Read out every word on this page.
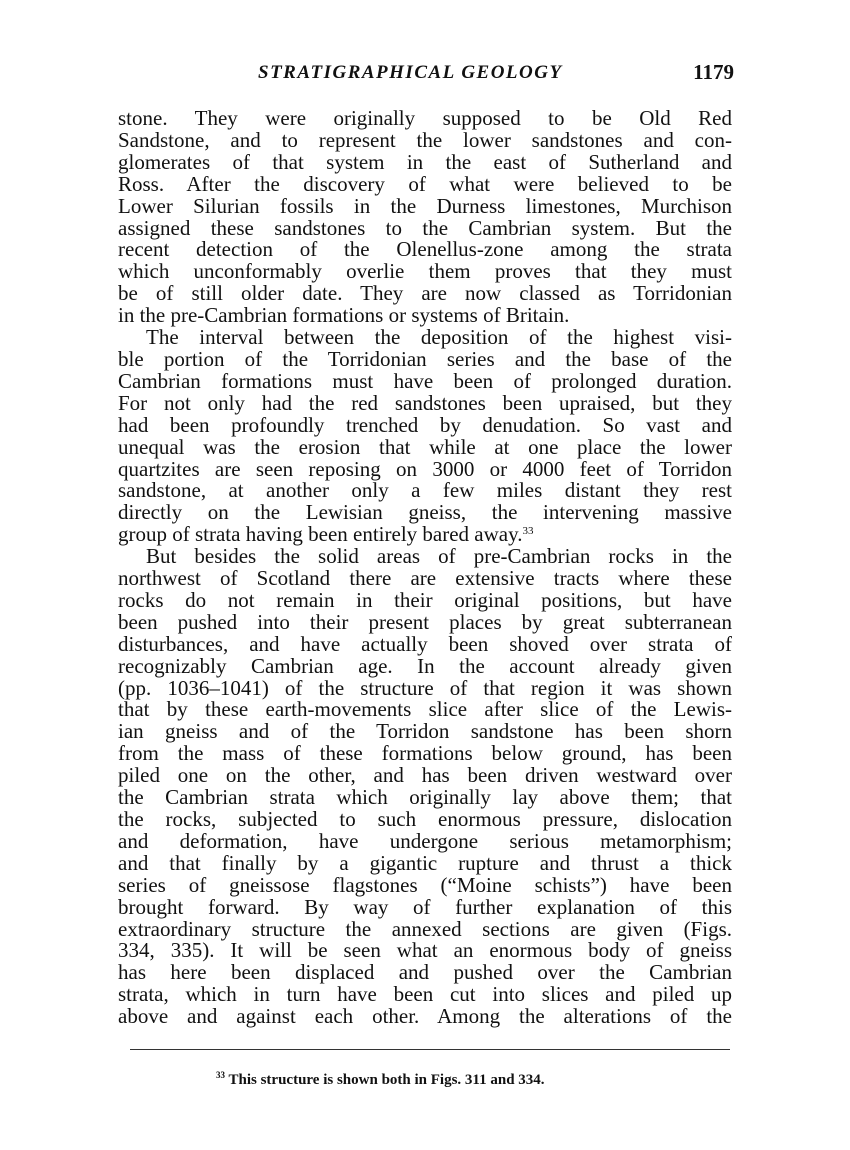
STRATIGRAPHICAL GEOLOGY	1179
stone. They were originally supposed to be Old Red
Sandstone, and to represent the lower sandstones and con-
glomerates of that system in the east of Sutherland and
Ross. After the discovery of what were believed to be
Lower Silurian fossils in the Durness limestones, Murchison
assigned these sandstones to the Cambrian system. But the
recent detection of the Olenellus-zone among the strata
which unconformably overlie them proves that they must
be of still older date. They are now classed as Torridonian
in the pre-Cambrian formations or systems of Britain.
The interval between the deposition of the highest visi-
ble portion of the Torridonian series and the base of the
Cambrian formations must have been of prolonged duration.
For not only had the red sandstones been upraised, but they
had been profoundly trenched by denudation. So vast and
unequal was the erosion that while at one place the lower
quartzites are seen reposing on 3000 or 4000 feet of Torridon
sandstone, at another only a few miles distant they rest
directly on the Lewisian gneiss, the intervening massive
group of strata having been entirely bared away.$^{33}$
But besides the solid areas of pre-Cambrian rocks in the
northwest of Scotland there are extensive tracts where these
rocks do not remain in their original positions, but have
been pushed into their present places by great subterranean
disturbances, and have actually been shoved over strata of
recognizably Cambrian age. In the account already given
(pp. 1036–1041) of the structure of that region it was shown
that by these earth-movements slice after slice of the Lewis-
ian gneiss and of the Torridon sandstone has been shorn
from the mass of these formations below ground, has been
piled one on the other, and has been driven westward over
the Cambrian strata which originally lay above them; that
the rocks, subjected to such enormous pressure, dislocation
and deformation, have undergone serious metamorphism;
and that finally by a gigantic rupture and thrust a thick
series of gneissose flagstones (“Moine schists”) have been
brought forward. By way of further explanation of this
extraordinary structure the annexed sections are given (Figs.
334, 335). It will be seen what an enormous body of gneiss
has here been displaced and pushed over the Cambrian
strata, which in turn have been cut into slices and piled up
above and against each other. Among the alterations of the
$^{33}$ This structure is shown both in Figs. 311 and 334.
